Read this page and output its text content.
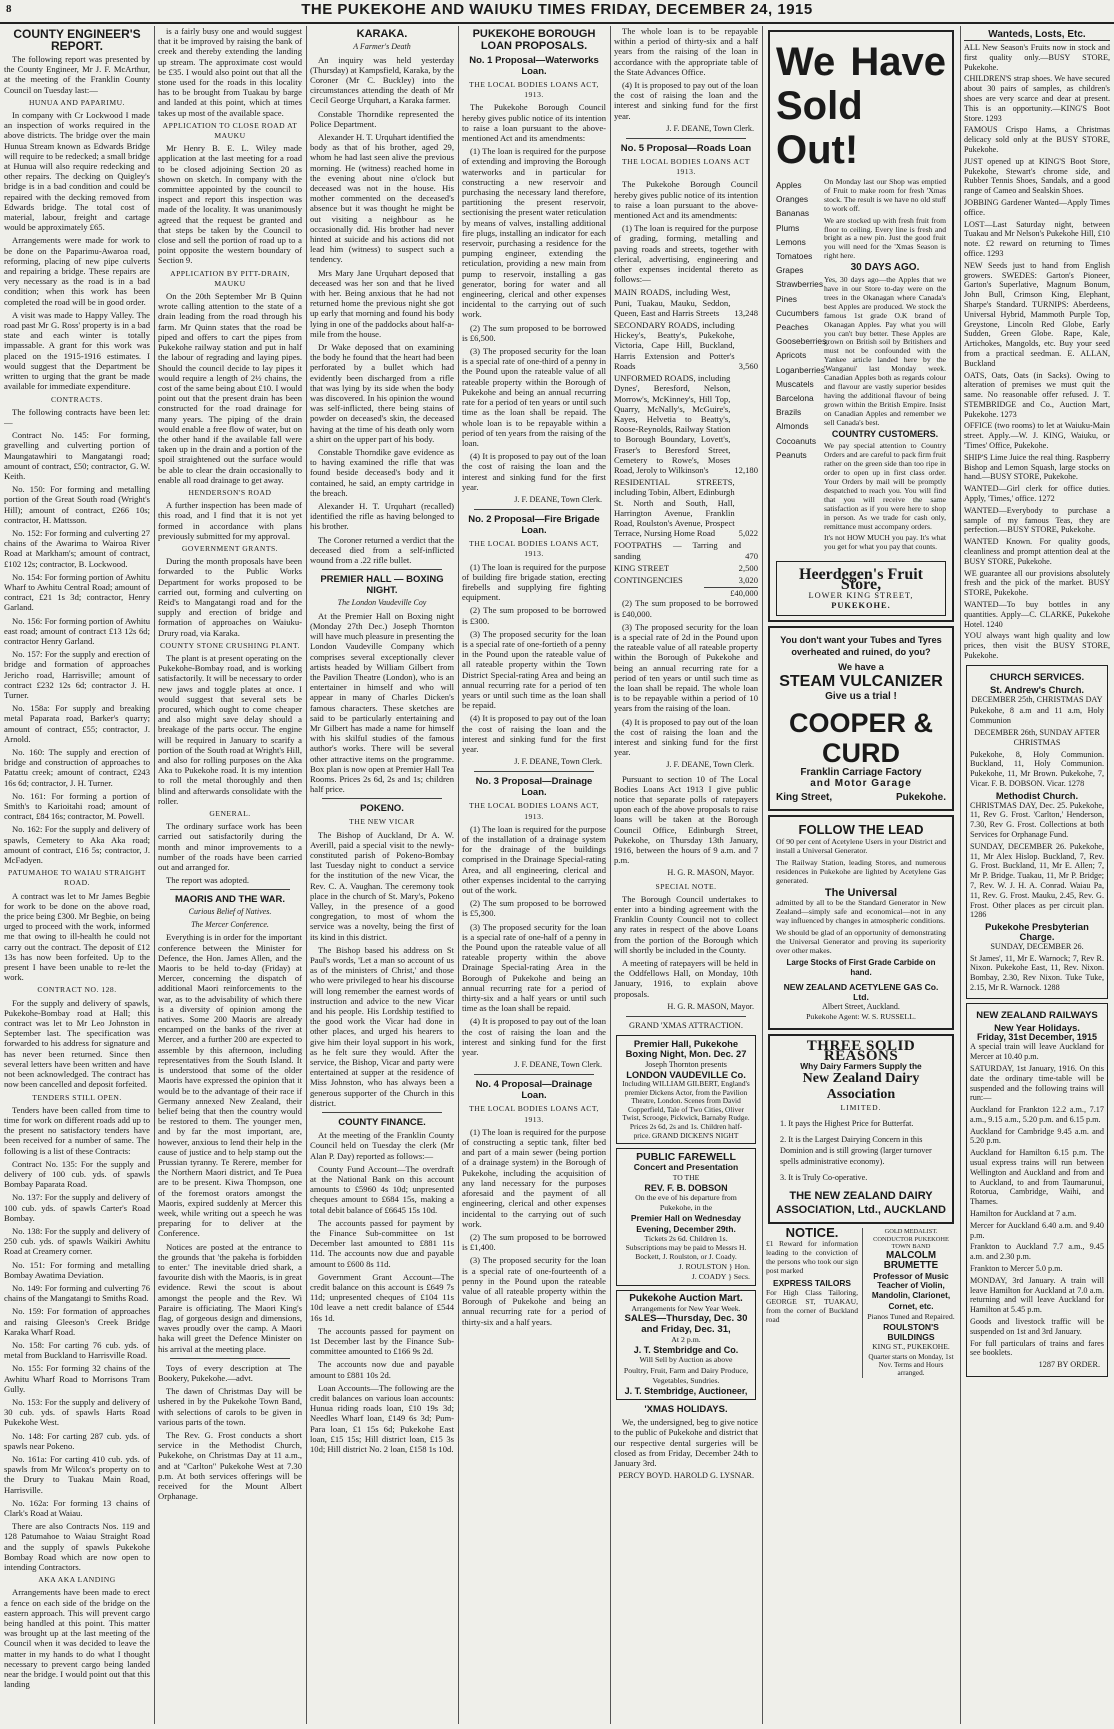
8	THE PUKEKOHE AND WAIUKU TIMES FRIDAY, DECEMBER 24, 1915
COUNTY ENGINEER'S REPORT.

The following report was presented by the County Engineer, Mr J. F. McArthur, at the meeting of the Franklin County Council on Tuesday last:—

HUNUA AND PAPARIMU.

In company with Cr Lockwood I made an inspection of works required in the above districts. The bridge over the main Hunua Stream known as Edwards Bridge will require to be redecked; a small bridge at Hunua will also require redecking and other repairs. The decking on Quigley's bridge is in a bad condition and could be repaired with the decking removed from Edwards bridge. The total cost of material, labour, freight and cartage would be approximately £65.

Arrangements were made for work to be done on the Paparimu-Awaroa road, reforming, placing of new pipe culverts and repairing a bridge. These repairs are very necessary as the road is in a bad condition; when this work has been completed the road will be in good order.

A visit was made to Happy Valley. The road past Mr G. Ross' property is in a bad state and each winter is totally impassable. A grant for this work was placed on the 1915-1916 estimates. I would suggest that the Department be written to urging that the grant be made available for immediate expenditure.

CONTRACTS.

The following contracts have been let:—

Contract No. 145: For forming, gravelling and culverting portion of Maungatawhiri to Mangatangi road; amount of contract, £50; contractor, G. W. Keith.

No. 150: For forming and metalling portion of the Great South road (Wright's Hill); amount of contract, £266 10s; contractor, H. Mattsson.

No. 152: For forming and culverting 27 chains of the Awarima to Wairoa River Road at Markham's; amount of contract, £102 12s; contractor, B. Lockwood.

No. 154: For forming portion of Awhitu Wharf to Awhitu Central Road; amount of contract, £21 1s 3d; contractor, Henry Garland.

No. 156: For forming portion of Awhitu east road; amount of contract £13 12s 6d; contractor Henry Garland.

No. 157: For the supply and erection of bridge and formation of approaches Jericho road, Harrisville; amount of contract £232 12s 6d; contractor J. H. Turner.

No. 158a: For supply and breaking metal Paparata road, Barker's quarry; amount of contract, £55; contractor, J. Arnold.

No. 160: The supply and erection of bridge and construction of approaches to Patattu creek; amount of contract, £243 16s 6d; contractor, J. H. Turner.

No. 161: For forming a portion of Smith's to Karioitahi road; amount of contract, £84 16s; contractor, M. Powell.

No. 162: For the supply and delivery of spawls, Cemetery to Aka Aka road; amount of contract, £16 5s; contractor, J. McFadyen.

PATUMAHOE TO WAIAU STRAIGHT ROAD.

A contract was let to Mr James Begbie for work to be done on the above road, the price being £300. Mr Begbie, on being urged to proceed with the work, informed me that owing to ill-health he could not carry out the contract. The deposit of £12 13s has now been forfeited. Up to the present I have been unable to re-let the work.

CONTRACT NO. 128.

For the supply and delivery of spawls, Pukekohe-Bombay road at Hall; this contract was let to Mr Leo Johnston in September last. The specification was forwarded to his address for signature and has never been returned. Since then several letters have been written and have not been acknowledged. The contract has now been cancelled and deposit forfeited.

TENDERS STILL OPEN.

Tenders have been called from time to time for work on different roads add up to the present no satisfactory tenders have been received for a number of same. The following is a list of these Contracts:

Contract No. 135: For the supply and delivery of 100 cub. yds. of spawls Bombay Paparata Road.

No. 137: For the supply and delivery of 100 cub. yds. of spawls Carter's Road Bombay.

No. 138: For the supply and delivery of 250 cub. yds. of spawls Waikiri Awhitu Road at Creamery corner.

No. 151: For forming and metalling Bombay Awatima Deviation.

No. 149: For forming and culverting 76 chains of the Mangatangi to Smiths Road.

No. 159: For formation of approaches and raising Gleeson's Creek Bridge Karaka Wharf Road.

No. 158: For carting 76 cub. yds. of metal from Buckland to Harrisville Road.

No. 155: For forming 32 chains of the Awhitu Wharf Road to Morrisons Tram Gully.

No. 153: For the supply and delivery of 30 cub. yds. of spawls Harts Road Pukekohe West.

No. 148: For carting 287 cub. yds. of spawls near Pokeno.

No. 161a: For carting 410 cub. yds. of spawls from Mr Wilcox's property on to the Drury to Tuakau Main Road, Harrisville.

No. 162a: For forming 13 chains of Clark's Road at Waiau.

There are also Contracts Nos. 119 and 128 Patumahoe to Waiau Straight Road and the supply of spawls Pukekohe Bombay Road which are now open to intending Contractors.

AKA AKA LANDING

Arrangements have been made to erect a fence on each side of the bridge on the eastern approach. This will prevent cargo being handled at this point. This matter was brought up at the last meeting of the Council when it was decided to leave the matter in my hands to do what I thought necessary to prevent cargo being landed near the bridge. I would point out that this landing

is a fairly busy one and would suggest that it be improved by raising the bank of creek and thereby extending the landing up stream. The approximate cost would be £35. I would also point out that all the stone used for the roads in this locality has to be brought from Tuakau by barge and landed at this point, which at times takes up most of the available space.

APPLICATION TO CLOSE ROAD AT MAUKU

Mr Henry B. E. L. Wiley made application at the last meeting for a road to be closed adjoining Section 20 as shown on sketch. In company with the committee appointed by the council to inspect and report this inspection was made of the locality. It was unanimously agreed that the request be granted and that steps be taken by the Council to close and sell the portion of road up to a point opposite the western boundary of Section 9.

APPLICATION BY PITT-DRAIN, MAUKU

On the 20th September Mr B Quinn wrote calling attention to the state of a drain leading from the road through his farm. Mr Quinn states that the road be piped and offers to cart the pipes from Pukekohe railway station and put in half the labour of regrading and laying pipes. Should the council decide to lay pipes it would require a length of 2½ chains, the cost of the same being about £10. I would point out that the present drain has been constructed for the road drainage for many years. The piping of the drain would enable a free flow of water, but on the other hand if the available fall were taken up in the drain and a portion of the spoil straightened out the surface would be able to clear the drain occasionally to enable all road drainage to get away.

HENDERSON'S ROAD

A further inspection has been made of this road, and I find that it is not yet formed in accordance with plans previously submitted for my approval.

GOVERNMENT GRANTS.

During the month proposals have been forwarded to the Public Works Department for works proposed to be carried out, forming and culverting on Reid's to Mangatangi road and for the supply and erection of bridge and formation of approaches on Waiuku-Drury road, via Karaka.

COUNTY STONE CRUSHING PLANT.

The plant is at present operating on the Pukekohe-Bombay road, and is working satisfactorily. It will be necessary to order new jaws and toggle plates at once. I would suggest that several sets be procured, which ought to come cheaper and also might save delay should a breakage of the parts occur. The engine will be required in January to scarify a portion of the South road at Wright's Hill, and also for rolling purposes on the Aka Aka to Pukekohe road. It is my intention to roll the metal thoroughly and then blind and afterwards consolidate with the roller.

GENERAL.

The ordinary surface work has been carried out satisfactorily during the month and minor improvements to a number of the roads have been carried out and arranged for.

The report was adopted.

MAORIS AND THE WAR.
Curious Belief of Natives.
The Mercer Conference.

Everything is in order for the important conference between the Minister for Defence, the Hon. James Allen, and the Maoris to be held to-day (Friday) at Mercer, concerning the dispatch of additional Maori reinforcements to the war, as to the advisability of which there is a diversity of opinion among the natives. Some 200 Maoris are already encamped on the banks of the river at Mercer, and a further 200 are expected to assemble by this afternoon, including representatives from the South Island. It is understood that some of the older Maoris have expressed the opinion that it would be to the advantage of their race if Germany annexed New Zealand, their belief being that then the country would be restored to them. The younger men, and by far the most important, are, however, anxious to lend their help in the cause of justice and to help stamp out the Prussian tyranny. Te Rerere, member for the Northern Maori district, and Te Puea are to be present. Kiwa Thompson, one of the foremost orators amongst the Maoris, expired suddenly at Mercer this week, while writing out a speech he was preparing for to deliver at the Conference.

Notices are posted at the entrance to the grounds that 'the pakeha is forbidden to enter.' The inevitable dried shark, a favourite dish with the Maoris, is in great evidence. Rewi the scout is about amongst the people and the Rev. Wi Paraire is officiating. The Maori King's flag, of gorgeous design and dimensions, waves proudly over the camp. A Maori haka will greet the Defence Minister on his arrival at the meeting place.

Toys of every description at The Bookery, Pukekohe.—advt.

The dawn of Christmas Day will be ushered in by the Pukekohe Town Band, with selections of carols to be given in various parts of the town.

The Rev. G. Frost conducts a short service in the Methodist Church, Pukekohe, on Christmas Day at 11 a.m., and at "Carlton" Pukekohe West at 7.30 p.m. At both services offerings will be received for the Mount Albert Orphanage.

KARAKA.
A Farmer's Death

An inquiry was held yesterday (Thursday) at Kampsfield, Karaka, by the Coroner (Mr C. Buckley) into the circumstances attending the death of Mr Cecil George Urquhart, a Karaka farmer.

Constable Thorndike represented the Police Department.

Alexander H. T. Urquhart identified the body as that of his brother, aged 29, whom he had last seen alive the previous morning. He (witness) reached home in the evening about nine o'clock but deceased was not in the house. His mother commented on the deceased's absence but it was thought he might be out visiting a neighbour as he occasionally did. His brother had never hinted at suicide and his actions did not lead him (witness) to suspect such a tendency.

Mrs Mary Jane Urquhart deposed that deceased was her son and that he lived with her. Being anxious that he had not returned home the previous night she got up early that morning and found his body lying in one of the paddocks about half-a-mile from the house.

Dr Wake deposed that on examining the body he found that the heart had been perforated by a bullet which had evidently been discharged from a rifle that was lying by its side when the body was discovered. In his opinion the wound was self-inflicted, there being stains of powder on deceased's skin, the deceased having at the time of his death only worn a shirt on the upper part of his body.

Constable Thorndike gave evidence as to having examined the rifle that was found beside deceased's body and it contained, he said, an empty cartridge in the breach.

Alexander H. T. Urquhart (recalled) identified the rifle as having belonged to his brother.

The Coroner returned a verdict that the deceased died from a self-inflicted wound from a .22 rifle bullet.

PREMIER HALL — BOXING NIGHT.
The London Vaudeville Coy

At the Premier Hall on Boxing night (Monday 27th Dec.) Joseph Thornton will have much pleasure in presenting the London Vaudeville Company which comprises several exceptionally clever artists headed by William Gilbert from the Pavilion Theatre (London), who is an entertainer in himself and who will appear in many of Charles Dicken's famous characters. These sketches are said to be particularly entertaining and Mr Gilbert has made a name for himself with his skilful studies of the famous author's works. There will be several other attractive items on the programme. Box plan is now open at Premier Hall Tea Rooms. Prices 2s 6d, 2s and 1s; children half price.

POKENO.
THE NEW VICAR

The Bishop of Auckland, Dr A. W. Averill, paid a special visit to the newly-constituted parish of Pokeno-Bombay last Tuesday night to conduct a service for the institution of the new Vicar, the Rev. C. A. Vaughan. The ceremony took place in the church of St. Mary's, Pokeno Valley, in the presence of a good congregation, to most of whom the service was a novelty, being the first of its kind in this district.

The Bishop based his address on St Paul's words, 'Let a man so account of us as of the ministers of Christ,' and those who were privileged to hear his discourse will long remember the earnest words of instruction and advice to the new Vicar and his people. His Lordship testified to the good work the Vicar had done in other places, and urged his hearers to give him their loyal support in his work, as he felt sure they would. After the service, the Bishop, Vicar and party were entertained at supper at the residence of Miss Johnston, who has always been a generous supporter of the Church in this district.

COUNTY FINANCE.

At the meeting of the Franklin County Council held on Tuesday the clerk (Mr Alan P. Day) reported as follows:—

County Fund Account—The overdraft at the National Bank on this account amounts to £5960 4s 10d; unpresented cheques amount to £684 15s, making a total debit balance of £6645 15s 10d.

The accounts passed for payment by the Finance Sub-committee on 1st December last amounted to £881 11s 11d. The accounts now due and payable amount to £600 8s 11d.

Government Grant Account—The credit balance on this account is £649 7s 11d; unpresented cheques of £104 11s 10d leave a nett credit balance of £544 16s 1d.

The accounts passed for payment on 1st December last by the Finance Sub-committee amounted to £166 9s 2d.

The accounts now due and payable amount to £881 10s 2d.

Loan Accounts—The following are the credit balances on various loan accounts: Hunua riding roads loan, £10 19s 3d; Needles Wharf loan, £149 6s 3d; Pum-Para loan, £1 15s 6d; Pukekohe East loan, £15 15s; Hill district loan, £15 3s 10d; Hill district No. 2 loan, £158 1s 10d.

PUKEKOHE BOROUGH LOAN PROPOSALS.
No. 1 Proposal—Waterworks Loan.
THE LOCAL BODIES LOANS ACT, 1913.

The Pukekohe Borough Council hereby gives public notice of its intention to raise a loan pursuant to the above-mentioned Act and its amendments:

(1) The loan is required for the purpose of extending and improving the Borough waterworks and in particular for constructing a new reservoir and purchasing the necessary land therefore, partitioning the present reservoir, sectionising the present water reticulation by means of valves, installing additional fire plugs, installing an indicator for each reservoir, purchasing a residence for the pumping engineer, extending the reticulation, providing a new main from pump to reservoir, installing a gas generator, boring for water and all engineering, clerical and other expenses incidental to the carrying out of such work.

(2) The sum proposed to be borrowed is £6,500.

(3) The proposed security for the loan is a special rate of one-third of a penny in the Pound upon the rateable value of all rateable property within the Borough of Pukekohe and being an annual recurring rate for a period of ten years or until such time as the loan shall be repaid. The whole loan is to be repayable within a period of ten years from the raising of the loan.

(4) It is proposed to pay out of the loan the cost of raising the loan and the interest and sinking fund for the first year.

J. F. DEANE, Town Clerk.
No. 2 Proposal—Fire Brigade Loan.
THE LOCAL BODIES LOANS ACT, 1913.

(1) The loan is required for the purpose of building fire brigade station, erecting firebells and supplying fire fighting equipment.

(2) The sum proposed to be borrowed is £300.

(3) The proposed security for the loan is a special rate of one-fortieth of a penny in the Pound upon the rateable value of all rateable property within the Town District Special-rating Area and being an annual recurring rate for a period of ten years or until such time as the loan shall be repaid.

(4) It is proposed to pay out of the loan the cost of raising the loan and the interest and sinking fund for the first year.

J. F. DEANE, Town Clerk.
No. 3 Proposal—Drainage Loan.
THE LOCAL BODIES LOANS ACT, 1913.

(1) The loan is required for the purpose of the installation of a drainage system for the drainage of the buildings comprised in the Drainage Special-rating Area, and all engineering, clerical and other expenses incidental to the carrying out of the work.

(2) The sum proposed to be borrowed is £5,300.

(3) The proposed security for the loan is a special rate of one-half of a penny in the Pound upon the rateable value of all rateable property within the above Drainage Special-rating Area in the Borough of Pukekohe and being an annual recurring rate for a period of thirty-six and a half years or until such time as the loan shall be repaid.

(4) It is proposed to pay out of the loan the cost of raising the loan and the interest and sinking fund for the first year.

J. F. DEANE, Town Clerk.
No. 4 Proposal—Drainage Loan.
THE LOCAL BODIES LOANS ACT, 1913.

(1) The loan is required for the purpose of constructing a septic tank, filter bed and part of a main sewer (being portion of a drainage system) in the Borough of Pukekohe, including the acquisition of any land necessary for the purposes aforesaid and the payment of all engineering, clerical and other expenses incidental to the carrying out of such work.

(2) The sum proposed to be borrowed is £1,400.

(3) The proposed security for the loan is a special rate of one-fourteenth of a penny in the Pound upon the rateable value of all rateable property within the Borough of Pukekohe and being an annual recurring rate for a period of thirty-six and a half years.

The whole loan is to be repayable within a period of thirty-six and a half years from the raising of the loan in accordance with the appropriate table of the State Advances Office.

(4) It is proposed to pay out of the loan the cost of raising the loan and the interest and sinking fund for the first year.

J. F. DEANE, Town Clerk.
No. 5 Proposal—Roads Loan
THE LOCAL BODIES LOANS ACT 1913.

The Pukekohe Borough Council hereby gives public notice of its intention to raise a loan pursuant to the above-mentioned Act and its amendments:

(1) The loan is required for the purpose of grading, forming, metalling and paving roads and streets, together with clerical, advertising, engineering and other expenses incidental thereto as follows:—

MAIN ROADS, including West, Puni, Tuakau, Mauku, Seddon, Queen, East and Harris Streets	13,248
SECONDARY ROADS, including Hickey's, Beatty's, Pukekohe, Victoria, Cape Hill, Buckland, Harris Extension and Potter's Roads	3,560
UNFORMED ROADS, including Dynes', Beresford, Nelson, Morrow's, McKinney's, Hill Top, Quarry, McNally's, McGuire's, Kayes, Helvetia to Beatty's, Roose-Reynolds, Railway Station to Borough Boundary, Lovett's, Fraser's to Beresford Street, Cemetery to Rowe's, Moses Road, Jeroly to Wilkinson's	12,180
RESIDENTIAL STREETS, including Tobin, Albert, Edinburgh St. North and South, Hall, Harrington Avenue, Franklin Road, Roulston's Avenue, Prospect Terrace, Nursing Home Road	5,022
FOOTPATHS — Tarring and sanding	470
KING STREET	2,500
CONTINGENCIES	3,020
£40,000

(2) The sum proposed to be borrowed is £40,000.

(3) The proposed security for the loan is a special rate of 2d in the Pound upon the rateable value of all rateable property within the Borough of Pukekohe and being an annual recurring rate for a period of ten years or until such time as the loan shall be repaid. The whole loan is to be repayable within a period of 10 years from the raising of the loan.

(4) It is proposed to pay out of the loan the cost of raising the loan and the interest and sinking fund for the first year.

J. F. DEANE, Town Clerk.

Pursuant to section 10 of The Local Bodies Loans Act 1913 I give public notice that separate polls of ratepayers upon each of the above proposals to raise loans will be taken at the Borough Council Office, Edinburgh Street, Pukekohe, on Thursday 13th January, 1916, between the hours of 9 a.m. and 7 p.m.

H. G. R. MASON, Mayor.
SPECIAL NOTE.

The Borough Council undertakes to enter into a binding agreement with the Franklin County Council not to collect any rates in respect of the above Loans from the portion of the Borough which will shortly be included in the County.

A meeting of ratepayers will be held in the Oddfellows Hall, on Monday, 10th January, 1916, to explain above proposals.

H. G. R. MASON, Mayor.
GRAND 'XMAS ATTRACTION.
Premier Hall, Pukekohe
Boxing Night, Mon. Dec. 27
Joseph Thornton presents
LONDON VAUDEVILLE Co.
Including WILLIAM GILBERT, England's premier Dickens Actor, from the Pavilion Theatre, London. Scenes from David Copperfield, Tale of Two Cities, Oliver Twist, Scrooge, Pickwick, Barnaby Rudge.
Prices 2s 6d, 2s and 1s. Children half-price. GRAND DICKEN'S NIGHT
PUBLIC FAREWELL
Concert and Presentation
TO THE
REV. F. B. DOBSON
On the eve of his departure from Pukekohe, in the
Premier Hall on Wednesday Evening, December 29th.
Tickets 2s 6d. Children 1s.
Subscriptions may be paid to Messrs H. Bockett, J. Roulston, or J. Coady.
J. ROULSTON } Hon.
J. COADY } Secs.
Pukekohe Auction Mart.
Arrangements for New Year Week.
SALES—Thursday, Dec. 30 and Friday, Dec. 31,
At 2 p.m.
J. T. Stembridge and Co.
Will Sell by Auction as above
Poultry, Fruit, Farm and Dairy Produce, Vegetables, Sundries.
J. T. Stembridge, Auctioneer,
'XMAS HOLIDAYS.

We, the undersigned, beg to give notice to the public of Pukekohe and district that our respective dental surgeries will be closed as from Friday, December 24th to January 3rd.

PERCY BOYD. HAROLD G. LYSNAR.
We Have Sold Out!
Apples
Oranges
Bananas
Plums
Lemons
Tomatoes
Grapes
Strawberries
Pines
Cucumbers
Peaches
Gooseberries
Apricots
Loganberries
Muscatels
Barcelona
Brazils
Almonds
Cocoanuts
Peanuts

On Monday last our Shop was emptied of Fruit to make room for fresh 'Xmas stock. The result is we have no old stuff to work off.

We are stocked up with fresh fruit from floor to ceiling. Every line is fresh and bright as a new pin. Just the good fruit you will need for the 'Xmas Season is right here.

30 DAYS AGO.

Yes, 30 days ago—the Apples that we have in our Store to-day were on the trees in the Okanagan where Canada's best Apples are produced. We stock the famous 1st grade O.K brand of Okanagan Apples. Pay what you will you can't buy better. These Apples are grown on British soil by Britishers and must not be confounded with the Yankee article landed here by the 'Wanganui' last Monday week. Canadian Apples both as regards colour and flavour are vastly superior besides having the additional flavour of being grown within the British Empire. Insist on Canadian Apples and remember we sell Canada's best.

COUNTRY CUSTOMERS.

We pay special attention to Country Orders and are careful to pack firm fruit rather on the green side than too ripe in order to open up in first class order. Your Orders by mail will be promptly despatched to reach you. You will find that you will receive the same satisfaction as if you were here to shop in person. As we trade for cash only, remittance must accompany orders.

It's not HOW MUCH you pay. It's what you get for what you pay that counts.

Heerdegen's Fruit Store,
LOWER KING STREET,
PUKEKOHE.
You don't want your Tubes and Tyres overheated and ruined, do you?
We have a
STEAM VULCANIZER
Give us a trial !
COOPER & CURD
Franklin Carriage Factory
and Motor Garage
King Street,	Pukekohe.
FOLLOW THE LEAD

Of 90 per cent of Acetylene Users in your District and install a Universal Generator.

The Railway Station, leading Stores, and numerous residences in Pukekohe are lighted by Acetylene Gas generated.

The Universal

admitted by all to be the Standard Generator in New Zealand—simply safe and economical—not in any way influenced by changes in atmospheric conditions.

We should be glad of an opportunity of demonstrating the Universal Generator and proving its superiority over other makes.

Large Stocks of First Grade Carbide on hand.
NEW ZEALAND ACETYLENE GAS Co. Ltd.
Albert Street, Auckland.
Pukekohe Agent: W. S. RUSSELL.
THREE SOLID REASONS
Why Dairy Farmers Supply the
New Zealand Dairy Association
LIMITED.

1. It pays the Highest Price for Butterfat.

2. It is the Largest Dairying Concern in this Dominion and is still growing (larger turnover spells administrative economy).

3. It is Truly Co-operative.

THE NEW ZEALAND DAIRY ASSOCIATION, Ltd., AUCKLAND
NOTICE.

£1 Reward for information leading to the conviction of the persons who took our sign post marked

EXPRESS TAILORS

For High Class Tailoring, GEORGE ST, TUAKAU, from the corner of Buckland road

GOLD MEDALIST. CONDUCTOR PUKEKOHE TOWN BAND
MALCOLM BRUMETTE
Professor of Music
Teacher of Violin, Mandolin, Clarionet, Cornet, etc.
Pianos Tuned and Repaired.
ROULSTON'S BUILDINGS
KING ST., PUKEKOHE.
Quarter starts on Monday, 1st Nov. Terms and Hours arranged.
Wanteds, Losts, Etc.

ALL New Season's Fruits now in stock and first quality only.—BUSY STORE, Pukekohe.

CHILDREN'S strap shoes. We have secured about 30 pairs of samples, as children's shoes are very scarce and dear at present. This is an opportunity.—KING'S Boot Store. 1293

FAMOUS Crispo Hams, a Christmas delicacy sold only at the BUSY STORE, Pukekohe.

JUST opened up at KING'S Boot Store, Pukekohe, Stewart's chrome side, and Rubber Tennis Shoes, Sandals, and a good range of Cameo and Sealskin Shoes.

JOBBING Gardener Wanted—Apply Times office.

LOST—Last Saturday night, between Tuakau and Mr Nelson's Pukekohe Hill, £10 note. £2 reward on returning to Times office. 1293

NEW Seeds just to hand from English growers. SWEDES: Garton's Pioneer, Garton's Superlative, Magnum Bonum, John Bull, Crimson King, Elephant, Sharpe's Standard. TURNIPS: Aberdeens, Universal Hybrid, Mammoth Purple Top, Greystone, Lincoln Red Globe, Early Sudden, Green Globe. Rape, Kale, Artichokes, Mangolds, etc. Buy your seed from a practical seedman. E. ALLAN, Buckland

OATS, Oats, Oats (in Sacks). Owing to alteration of premises we must quit the same. No reasonable offer refused. J. T. STEMBRIDGE and Co., Auction Mart, Pukekohe. 1273

OFFICE (two rooms) to let at Waiuku-Main street. Apply.—W. J. KING, Waiuku, or 'Times' Office, Pukekohe.

SHIP'S Lime Juice the real thing. Raspberry Bishop and Lemon Squash, large stocks on hand.—BUSY STORE, Pukekohe.

WANTED—Girl clerk for office duties. Apply, 'Times,' office. 1272

WANTED—Everybody to purchase a sample of my famous Teas, they are perfection.—BUSY STORE, Pukekohe.

WANTED Known. For quality goods, cleanliness and prompt attention deal at the BUSY STORE, Pukekohe.

WE guarantee all our provisions absolutely fresh and the pick of the market. BUSY STORE, Pukekohe.

WANTED—To buy bottles in any quantities. Apply—C. CLARKE, Pukekohe Hotel. 1240

YOU always want high quality and low prices, then visit the BUSY STORE, Pukekohe.

CHURCH SERVICES.
St. Andrew's Church.

DECEMBER 25th, CHRISTMAS DAY

Pukekohe, 8 a.m and 11 a.m, Holy Communion

DECEMBER 26th, SUNDAY AFTER CHRISTMAS

Pukekohe, 8, Holy Communion. Buckland, 11, Holy Communion. Pukekohe, 11, Mr Brown. Pukekohe, 7, Vicar. F. B. DOBSON. Vicar. 1278

Methodist Church.

CHRISTMAS DAY, Dec. 25. Pukekohe, 11, Rev G. Frost. 'Carlton,' Henderson, 7.30, Rev G. Frost. Collections at both Services for Orphanage Fund.

SUNDAY, DECEMBER 26. Pukekohe, 11, Mr Alex Hislop. Buckland, 7, Rev. G. Frost. Buckland, 11, Mr E. Allen; 7, Mr P. Bridge. Tuakau, 11, Mr P. Bridge; 7, Rev. W. J. H. A. Conrad. Waiau Pa, 11, Rev. G. Frost. Mauku, 2.45, Rev. G. Frost. Other places as per circuit plan. 1286

Pukekohe Presbyterian Charge.

SUNDAY, DECEMBER 26.

St James', 11, Mr E. Warnock; 7, Rev R. Nixon. Pukekohe East, 11, Rev. Nixon. Bombay, 2.30, Rev Nixon. Tuke Tuke, 2.15, Mr R. Warnock. 1288

NEW ZEALAND RAILWAYS
New Year Holidays.
Friday, 31st December, 1915

A special train will leave Auckland for Mercer at 10.40 p.m.

SATURDAY, 1st January, 1916. On this date the ordinary time-table will be suspended and the following trains will run:—

Auckland for Frankton 12.2 a.m., 7.17 a.m., 9.15 a.m., 5.20 p.m. and 6.15 p.m.

Auckland for Cambridge 9.45 a.m. and 5.20 p.m.

Auckland for Hamilton 6.15 p.m. The usual express trains will run between Wellington and Auckland and from and to Auckland, to and from Taumarunui, Rotorua, Cambridge, Waihi, and Thames.

Hamilton for Auckland at 7 a.m.

Mercer for Auckland 6.40 a.m. and 9.40 p.m.

Frankton to Auckland 7.7 a.m., 9.45 a.m. and 2.30 p.m.

Frankton to Mercer 5.0 p.m.

MONDAY, 3rd January. A train will leave Hamilton for Auckland at 7.0 a.m. returning and will leave Auckland for Hamilton at 5.45 p.m.

Goods and livestock traffic will be suspended on 1st and 3rd January.

For full particulars of trains and fares see booklets.

1287 BY ORDER.
